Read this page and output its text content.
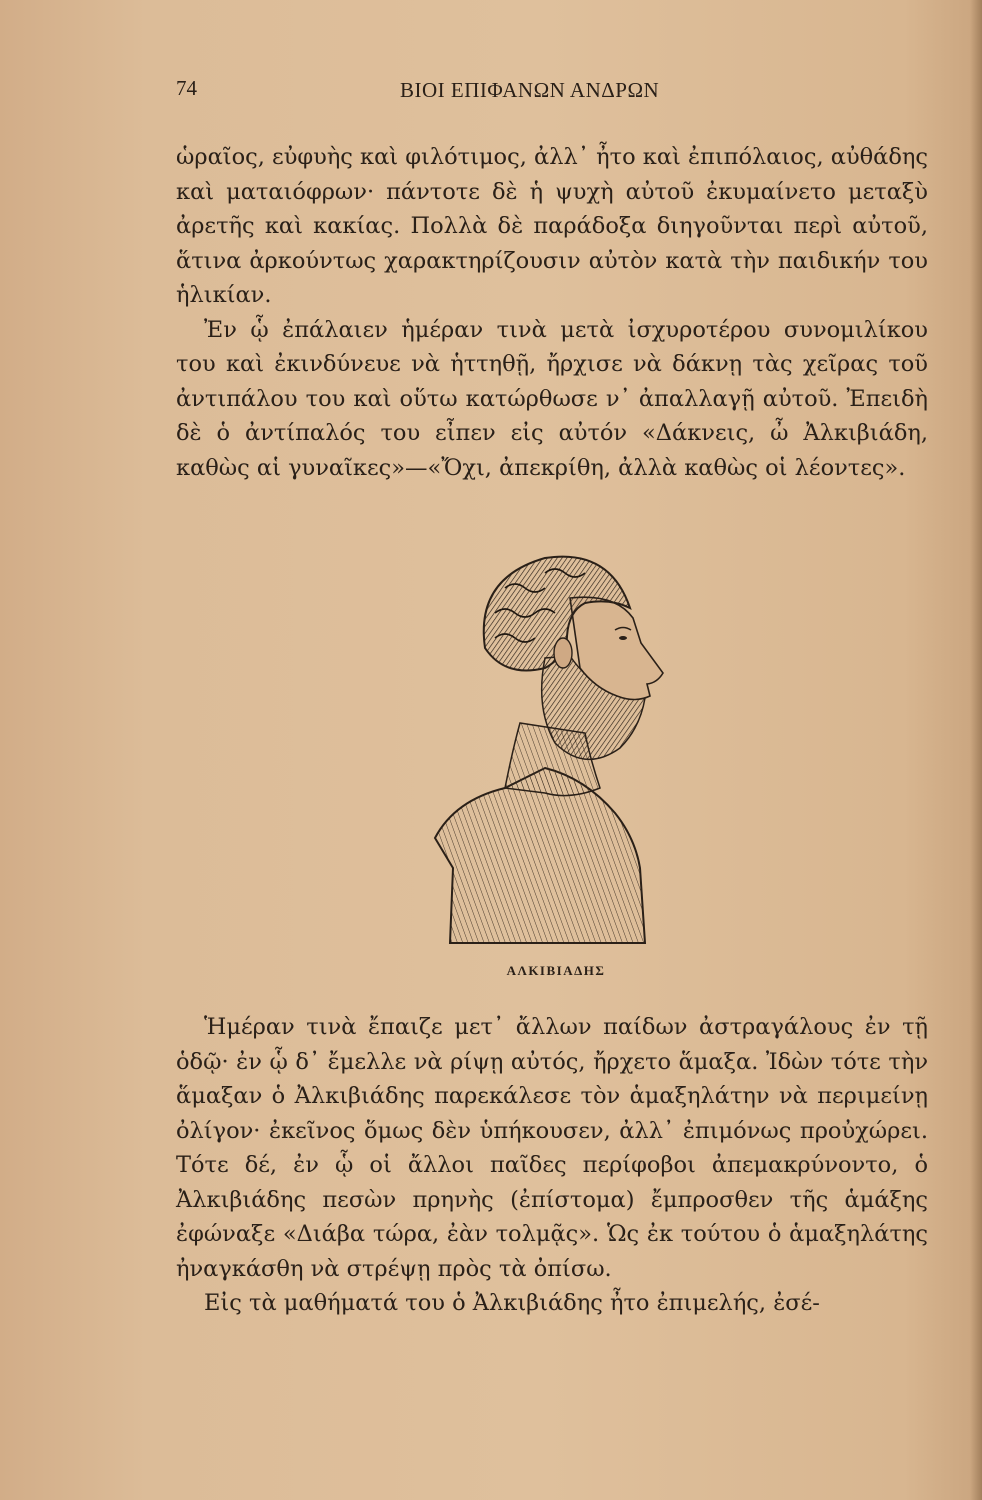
74	ΒΙΟΙ ΕΠΙΦΑΝΩΝ ΑΝΔΡΩΝ

ὡραῖος, εὐφυὴς καὶ φιλότιμος, ἀλλ᾽ ἦτο καὶ ἐπιπόλαιος, αὐθάδης καὶ ματαιόφρων· πάντοτε δὲ ἡ ψυχὴ αὐτοῦ ἐκυμαίνετο μεταξὺ ἀρετῆς καὶ κακίας. Πολλὰ δὲ παράδοξα διηγοῦνται περὶ αὐτοῦ, ἅτινα ἀρκούντως χαρακτηρίζουσιν αὐτὸν κατὰ τὴν παιδικήν του ἡλικίαν.

Ἐν ᾧ ἐπάλαιεν ἡμέραν τινὰ μετὰ ἰσχυροτέρου συνομιλίκου του καὶ ἐκινδύνευε νὰ ἡττηθῇ, ἤρχισε νὰ δάκνῃ τὰς χεῖρας τοῦ ἀντιπάλου του καὶ οὕτω κατώρθωσε ν᾽ ἀπαλλαγῇ αὐτοῦ. Ἐπειδὴ δὲ ὁ ἀντίπαλός του εἶπεν εἰς αὐτόν «Δάκνεις, ὦ Ἀλκιβιάδη, καθὼς αἱ γυναῖκες»—«Ὄχι, ἀπεκρίθη, ἀλλὰ καθὼς οἱ λέοντες».

ΑΛΚΙΒΙΑΔΗΣ

Ἡμέραν τινὰ ἔπαιζε μετ᾽ ἄλλων παίδων ἀστραγάλους ἐν τῇ ὁδῷ· ἐν ᾧ δ᾽ ἔμελλε νὰ ρίψῃ αὐτός, ἤρχετο ἅμαξα. Ἰδὼν τότε τὴν ἅμαξαν ὁ Ἀλκιβιάδης παρεκάλεσε τὸν ἁμαξηλάτην νὰ περιμείνῃ ὀλίγον· ἐκεῖνος ὅμως δὲν ὑπήκουσεν, ἀλλ᾽ ἐπιμόνως προὐχώρει. Τότε δέ, ἐν ᾧ οἱ ἄλλοι παῖδες περίφοβοι ἀπεμακρύνοντο, ὁ Ἀλκιβιάδης πεσὼν πρηνὴς (ἐπίστομα) ἔμπροσθεν τῆς ἁμάξης ἐφώναξε «Διάβα τώρα, ἐὰν τολμᾷς». Ὡς ἐκ τούτου ὁ ἁμαξηλάτης ἠναγκάσθη νὰ στρέψῃ πρὸς τὰ ὀπίσω.

Εἰς τὰ μαθήματά του ὁ Ἀλκιβιάδης ἦτο ἐπιμελής, ἐσέ-
